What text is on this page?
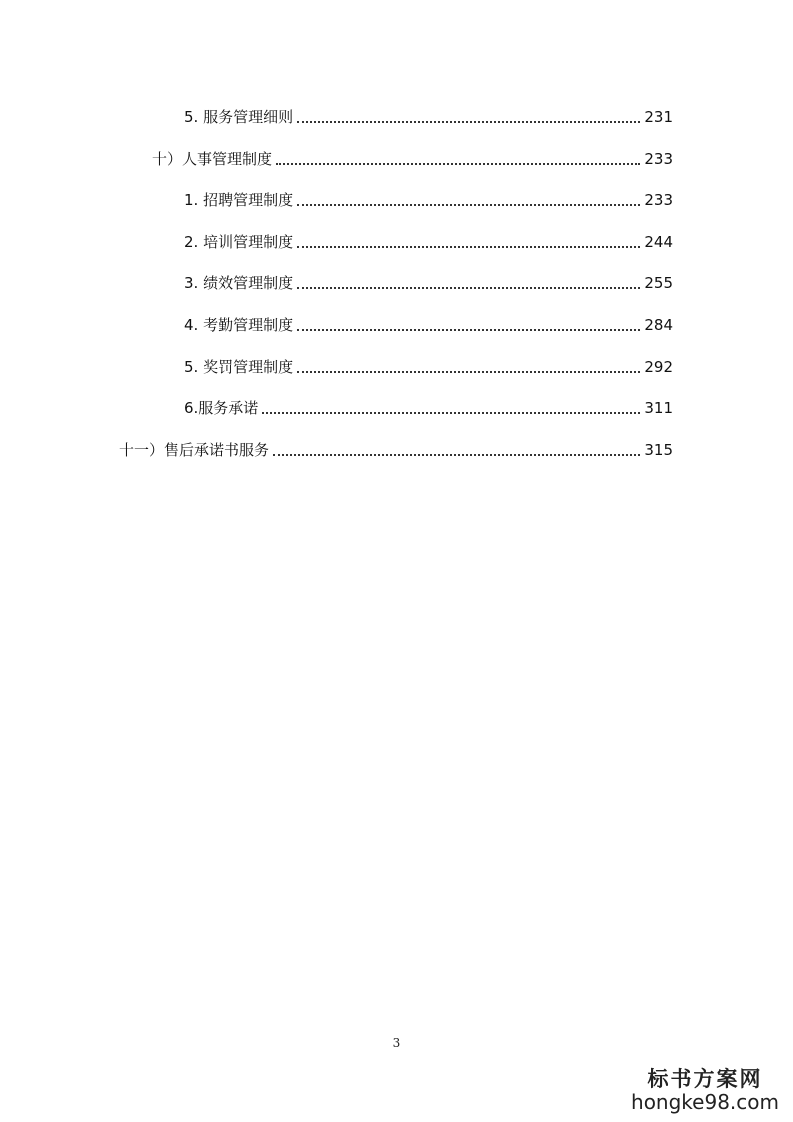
5. 服务管理细则	231
十）人事管理制度	233
1. 招聘管理制度	233
2. 培训管理制度	244
3. 绩效管理制度	255
4. 考勤管理制度	284
5. 奖罚管理制度	292
6.服务承诺	311
十一）售后承诺书服务	315
3
标书方案网
hongke98.com
